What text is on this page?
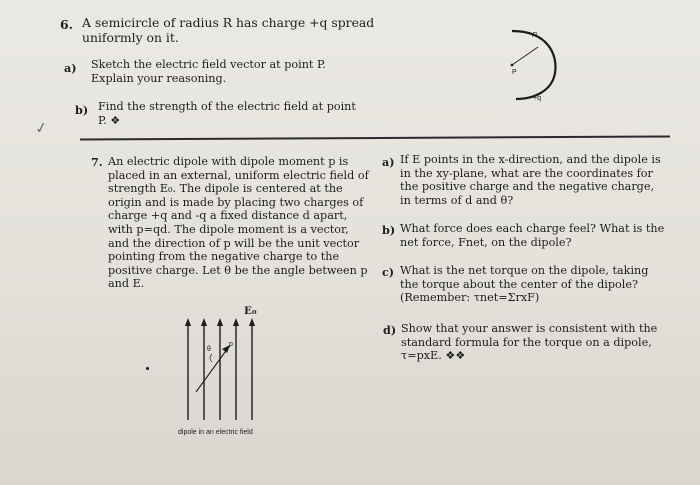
6. A semicircle of radius R has charge +q spread
uniformly on it.
a) Sketch the electric field vector at point P.
Explain your reasoning.
b) Find the strength of the electric field at point
P. ❖
✓
R
P
+q
7. An electric dipole with dipole moment p is
placed in an external, uniform electric field of
strength E₀. The dipole is centered at the
origin and is made by placing two charges of
charge +q and -q a fixed distance d apart,
with p=qd. The dipole moment is a vector,
and the direction of p will be the unit vector
pointing from the negative charge to the
positive charge. Let θ be the angle between p
and E.
E₀
θ
p
dipole in an electric field
a) If E points in the x-direction, and the dipole is
in the xy-plane, what are the coordinates for
the positive charge and the negative charge,
in terms of d and θ?
b) What force does each charge feel? What is the
net force, Fnet, on the dipole?
c) What is the net torque on the dipole, taking
the torque about the center of the dipole?
(Remember: τnet=ΣrxF)
d) Show that your answer is consistent with the
standard formula for the torque on a dipole,
τ=pxE. ❖❖
